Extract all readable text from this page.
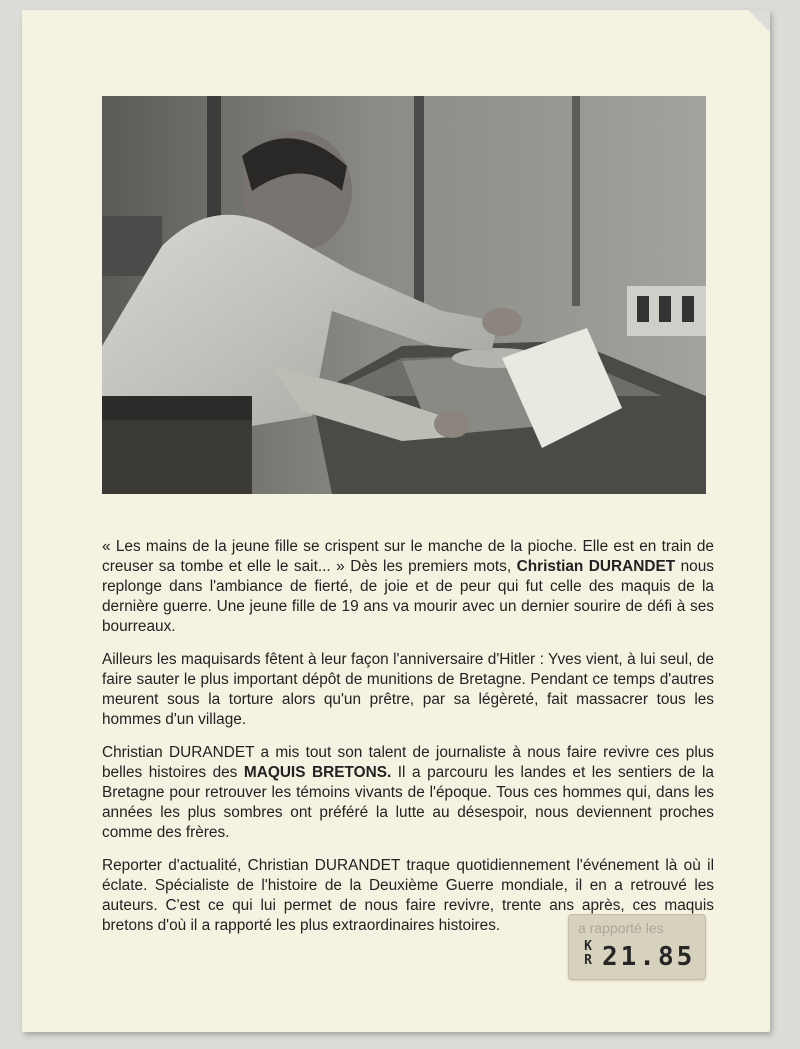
« Les mains de la jeune fille se crispent sur le manche de la pioche. Elle est en train de creuser sa tombe et elle le sait... » Dès les premiers mots, Christian DURANDET nous replonge dans l'ambiance de fierté, de joie et de peur qui fut celle des maquis de la dernière guerre. Une jeune fille de 19 ans va mourir avec un dernier sourire de défi à ses bourreaux.

Ailleurs les maquisards fêtent à leur façon l'anniversaire d'Hitler : Yves vient, à lui seul, de faire sauter le plus important dépôt de munitions de Bretagne. Pendant ce temps d'autres meurent sous la torture alors qu'un prêtre, par sa légèreté, fait massacrer tous les hommes d'un village.

Christian DURANDET a mis tout son talent de journaliste à nous faire revivre ces plus belles histoires des MAQUIS BRETONS. Il a parcouru les landes et les sentiers de la Bretagne pour retrouver les témoins vivants de l'époque. Tous ces hommes qui, dans les années les plus sombres ont préféré la lutte au désespoir, nous deviennent proches comme des frères.

Reporter d'actualité, Christian DURANDET traque quotidiennement l'événement là où il éclate. Spécialiste de l'histoire de la Deuxième Guerre mondiale, il en a retrouvé les auteurs. C'est ce qui lui permet de nous faire revivre, trente ans après, ces maquis bretons d'où il a rapporté les plus extraordinaires histoires.	a rapporté les
K
R 21.85
